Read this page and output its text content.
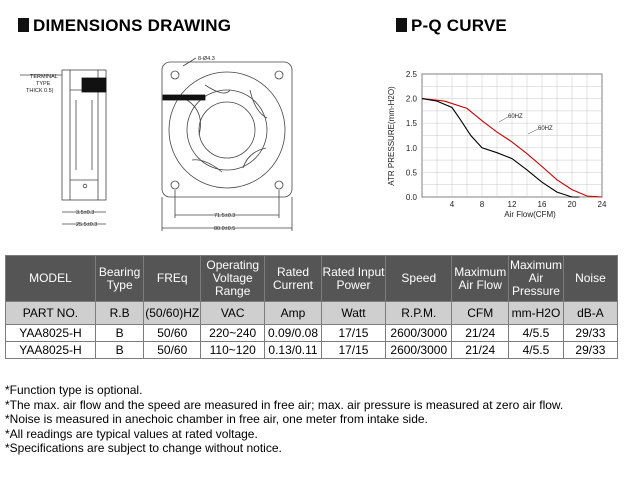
DIMENSIONS DRAWING	P-Q CURVE
TERMINAL
TYPE
THICK 0.5)
8-Ø4.3
3.5±0.3
25.5±0.3
71.5±0.3
80.0±0.5
0.0
0.5
1.0
1.5
2.0
2.5
4	8	12	16	20	24
60HZ
60HZ
Air Flow(CFM)
ATR PRESSURE(mm-H2O)
MODEL	Bearing Type	FREq	Operating Voltage Range	Rated Current	Rated Input Power	Speed	Maximum Air Flow	Maximum Air Pressure	Noise
PART NO.	R.B	(50/60)HZ	VAC	Amp	Watt	R.P.M.	CFM	mm-H2O	dB-A
YAA8025-H	B	50/60	220~240	0.09/0.08	17/15	2600/3000	21/24	4/5.5	29/33
YAA8025-H	B	50/60	110~120	0.13/0.11	17/15	2600/3000	21/24	4/5.5	29/33
*Function type is optional.
*The max. air flow and the speed are measured in free air; max. air pressure is measured at zero air flow.
*Noise is measured in anechoic chamber in free air, one meter from intake side.
*All readings are typical values at rated voltage.
*Specifications are subject to change without notice.
